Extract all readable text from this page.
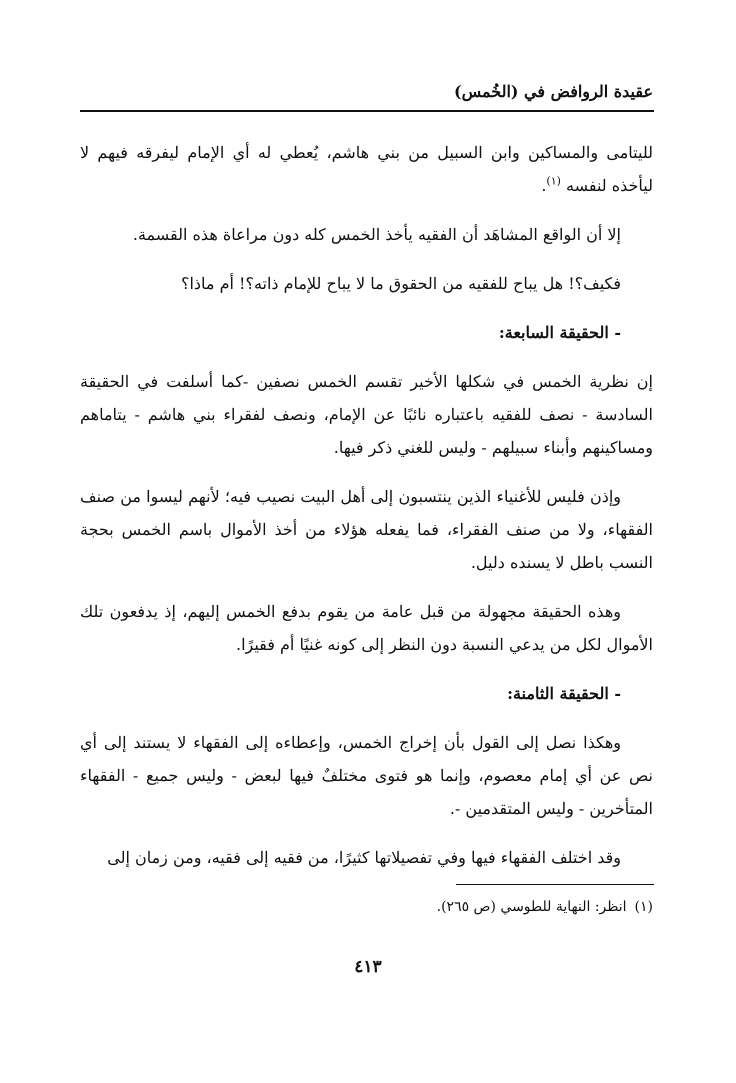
عقيدة الروافض في (الخُمس)

لليتامى والمساكين وابن السبيل من بني هاشم، يُعطي له أي الإمام ليفرقه فيهم لا ليأخذه لنفسه $^{(١)}$.

إلا أن الواقع المشاهَد أن الفقيه يأخذ الخمس كله دون مراعاة هذه القسمة.

فكيف؟! هل يباح للفقيه من الحقوق ما لا يباح للإمام ذاته؟! أم ماذا؟

- الحقيقة السابعة:

إن نظرية الخمس في شكلها الأخير تقسم الخمس نصفين -كما أسلفت في الحقيقة السادسة - نصف للفقيه باعتباره نائبًا عن الإمام، ونصف لفقراء بني هاشم - يتاماهم ومساكينهم وأبناء سبيلهم - وليس للغني ذكر فيها.

وإذن فليس للأغنياء الذين ينتسبون إلى أهل البيت نصيب فيه؛ لأنهم ليسوا من صنف الفقهاء، ولا من صنف الفقراء، فما يفعله هؤلاء من أخذ الأموال باسم الخمس بحجة النسب باطل لا يسنده دليل.

وهذه الحقيقة مجهولة من قبل عامة من يقوم بدفع الخمس إليهم، إذ يدفعون تلك الأموال لكل من يدعي النسبة دون النظر إلى كونه غنيًا أم فقيرًا.

- الحقيقة الثامنة:

وهكذا نصل إلى القول بأن إخراج الخمس، وإعطاءه إلى الفقهاء لا يستند إلى أي نص عن أي إمام معصوم، وإنما هو فتوى مختلفٌ فيها لبعض - وليس جميع - الفقهاء المتأخرين - وليس المتقدمين -.

وقد اختلف الفقهاء فيها وفي تفصيلاتها كثيرًا، من فقيه إلى فقيه، ومن زمان إلى

(١)انظر: النهاية للطوسي (ص ٢٦٥).
٤١٣
